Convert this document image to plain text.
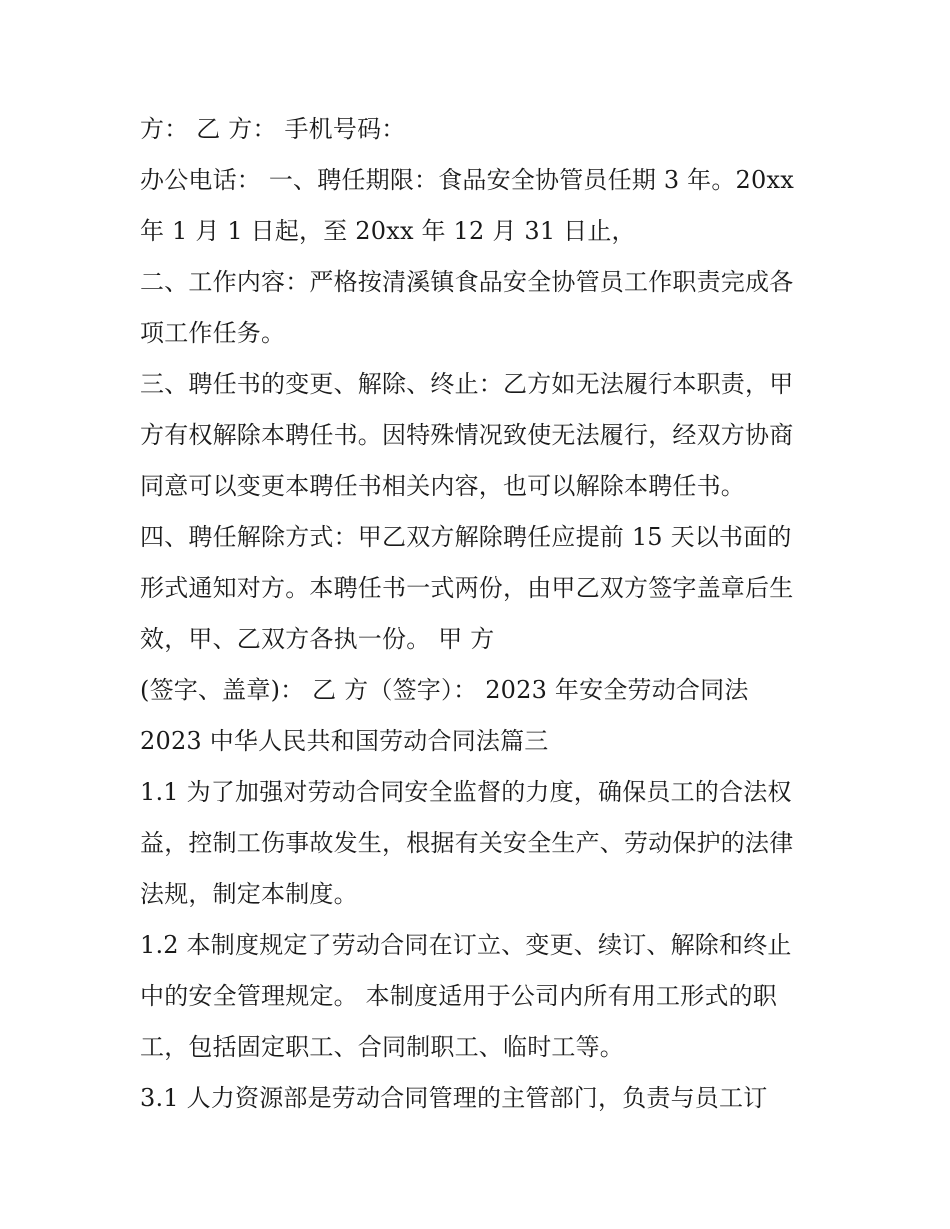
方： 乙 方： 手机号码：
办公电话： 一、聘任期限：食品安全协管员任期 3 年。20xx
年 1 月 1 日起，至 20xx 年 12 月 31 日止，
二、工作内容：严格按清溪镇食品安全协管员工作职责完成各
项工作任务。
三、聘任书的变更、解除、终止：乙方如无法履行本职责，甲
方有权解除本聘任书。因特殊情况致使无法履行，经双方协商
同意可以变更本聘任书相关内容，也可以解除本聘任书。
四、聘任解除方式：甲乙双方解除聘任应提前 15 天以书面的
形式通知对方。本聘任书一式两份，由甲乙双方签字盖章后生
效，甲、乙双方各执一份。 甲 方
(签字、盖章)： 乙 方（签字）： 2023 年安全劳动合同法
2023 中华人民共和国劳动合同法篇三
1.1 为了加强对劳动合同安全监督的力度，确保员工的合法权
益，控制工伤事故发生，根据有关安全生产、劳动保护的法律
法规，制定本制度。
1.2 本制度规定了劳动合同在订立、变更、续订、解除和终止
中的安全管理规定。 本制度适用于公司内所有用工形式的职
工，包括固定职工、合同制职工、临时工等。
3.1 人力资源部是劳动合同管理的主管部门，负责与员工订
